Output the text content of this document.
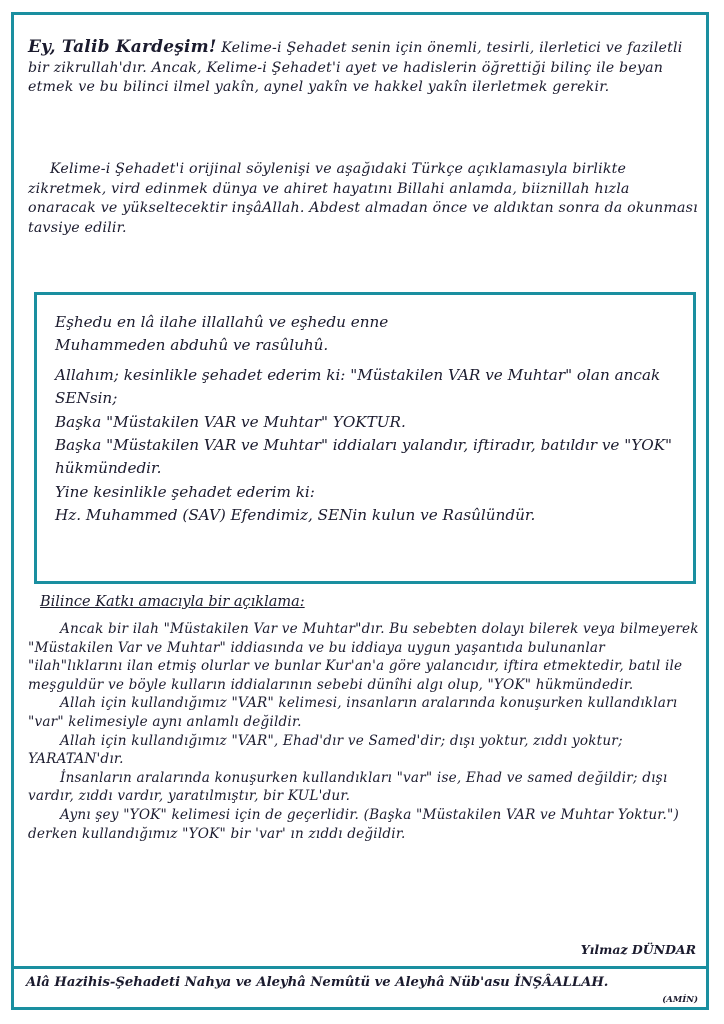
Ey, Talib Kardeşim! Kelime-i Şehadet senin için önemli, tesirli, ilerletici ve faziletli bir zikrullah'dır. Ancak, Kelime-i Şehadet'i ayet ve hadislerin öğrettiği bilinç ile beyan etmek ve bu bilinci ilmel yakîn, aynel yakîn ve hakkel yakîn ilerletmek gerekir.
Kelime-i Şehadet'i orijinal söylenişi ve aşağıdaki Türkçe açıklamasıyla birlikte zikretmek, vird edinmek dünya ve ahiret hayatını Billahi anlamda, biiznillah hızla onaracak ve yükseltecektir inşâAllah. Abdest almadan önce ve aldıktan sonra da okunması tavsiye edilir.

Eşhedu en lâ ilahe illallahû ve eşhedu enne

Muhammeden abduhû ve rasûluhû.

Allahım; kesinlikle şehadet ederim ki: "Müstakilen VAR ve Muhtar" olan ancak SENsin;

Başka "Müstakilen VAR ve Muhtar" YOKTUR.

Başka "Müstakilen VAR ve Muhtar" iddiaları yalandır, iftiradır, batıldır ve "YOK" hükmündedir.

Yine kesinlikle şehadet ederim ki:

Hz. Muhammed (SAV) Efendimiz, SENin kulun ve Rasûlündür.

Bilince Katkı amacıyla bir açıklama:

Ancak bir ilah "Müstakilen Var ve Muhtar"dır. Bu sebebten dolayı bilerek veya bilmeyerek "Müstakilen Var ve Muhtar" iddiasında ve bu iddiaya uygun yaşantıda bulunanlar "ilah"lıklarını ilan etmiş olurlar ve bunlar Kur'an'a göre yalancıdır, iftira etmektedir, batıl ile meşguldür ve böyle kulların iddialarının sebebi dünîhi algı olup, "YOK" hükmündedir.

Allah için kullandığımız "VAR" kelimesi, insanların aralarında konuşurken kullandıkları "var" kelimesiyle aynı anlamlı değildir.

Allah için kullandığımız "VAR", Ehad'dır ve Samed'dir; dışı yoktur, zıddı yoktur; YARATAN'dır.

İnsanların aralarında konuşurken kullandıkları "var" ise, Ehad ve samed değildir; dışı vardır, zıddı vardır, yaratılmıştır, bir KUL'dur.

Aynı şey "YOK" kelimesi için de geçerlidir. (Başka "Müstakilen VAR ve Muhtar Yoktur.") derken kullandığımız "YOK" bir 'var' ın zıddı değildir.

Yılmaz DÜNDAR
Alâ Hazihis-Şehadeti Nahya ve Aleyhâ Nemûtü ve Aleyhâ Nüb'asu İNŞÂALLAH.
(AMİN)
